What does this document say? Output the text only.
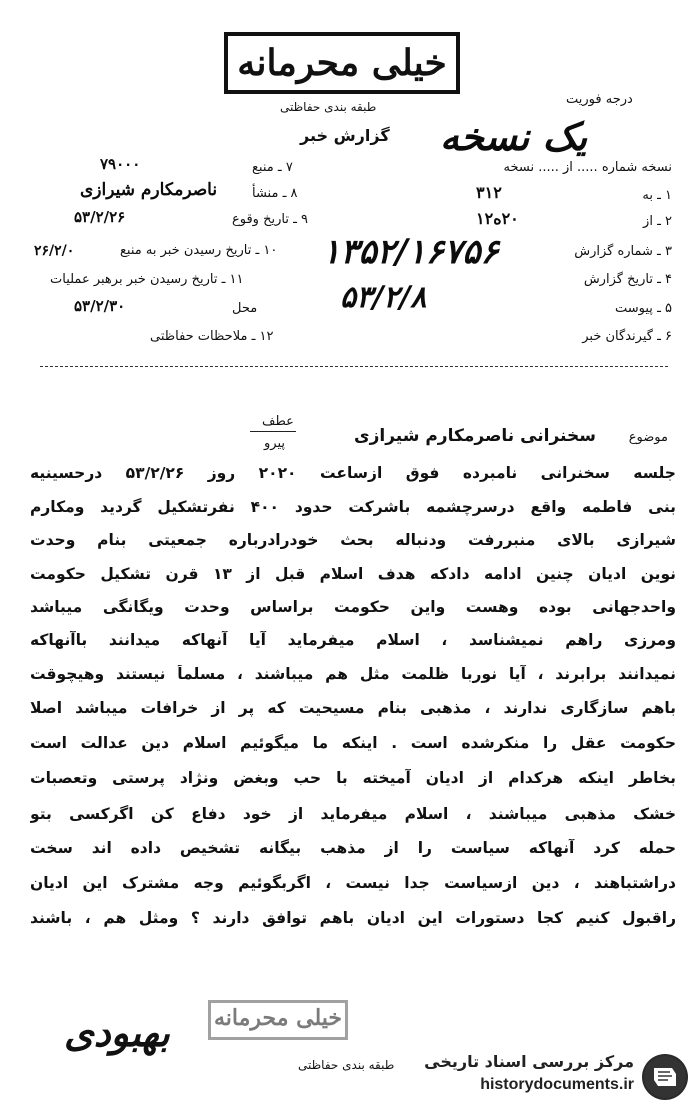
خیلی محرمانه
طبقه بندی حفاظتی	درجه فوریت
گزارش خبر یک نسخه
نسخه شماره ..... از ..... نسخه
۱ ـ به
۳۱۲
۲ ـ از
۲۰ه۱۲
۳ ـ شماره گزارش
۴ ـ تاریخ گزارش
۵ ـ پیوست
۶ ـ گیرندگان خبر
۷ ـ منبع
۷۹۰۰۰
۸ ـ منشأ
ناصرمکارم شیرازی
۹ ـ تاریخ وقوع
۵۳/۲/۲۶
۱۰ ـ تاریخ رسیدن خبر به منبع
۲۶/۲/۰
۱۱ ـ تاریخ رسیدن خبر برهبر عملیات
محل
۵۳/۲/۳۰
۱۲ ـ ملاحظات حفاظتی
۱۳۵۲/۱۶۷۵۶
۵۳/۲/۸
عطف
پیرو	موضوع
سخنرانی ناصرمکارم شیرازی
جلسه سخنرانی نامبرده فوق ازساعت ۲۰۲۰ روز ۵۳/۲/۲۶ درحسینیه
بنی فاطمه واقع درسرچشمه باشرکت حدود ۴۰۰ نفرتشکیل گردید ومکارم
شیرازی بالای منبررفت ودنباله بحث خودرادرباره جمعیتی بنام وحدت
نوین ادیان چنین ادامه دادکه هدف اسلام قبل از ۱۳ قرن تشکیل حکومت
واحدجهانی بوده وهست واین حکومت براساس وحدت ویگانگی میباشد
ومرزی راهم نمیشناسد ، اسلام میفرماید آیا آنهاکه میدانند باآنهاکه
نمیدانند برابرند ، آیا نوربا ظلمت مثل هم میباشند ، مسلماً نیستند وهیچوقت
باهم سازگاری ندارند ، مذهبی بنام مسیحیت که پر از خرافات میباشد اصلا
حکومت عقل را منکرشده است . اینکه ما میگوئیم اسلام دین عدالت است
بخاطر اینکه هرکدام از ادیان آمیخته با حب وبغض ونژاد پرستی وتعصبات
خشک مذهبی میباشند ، اسلام میفرماید از خود دفاع کن اگرکسی بتو
حمله کرد آنهاکه سیاست را از مذهب بیگانه تشخیص داده اند سخت
دراشتباهند ، دین ازسیاست جدا نیست ، اگربگوئیم وجه مشترک این ادیان
راقبول کنیم کجا دستورات این ادیان باهم توافق دارند ؟ ومثل هم ، باشند
خیلی محرمانه
طبقه بندی حفاظتی
بهبودی
مرکز بررسی اسناد تاریخی
historydocuments.ir
